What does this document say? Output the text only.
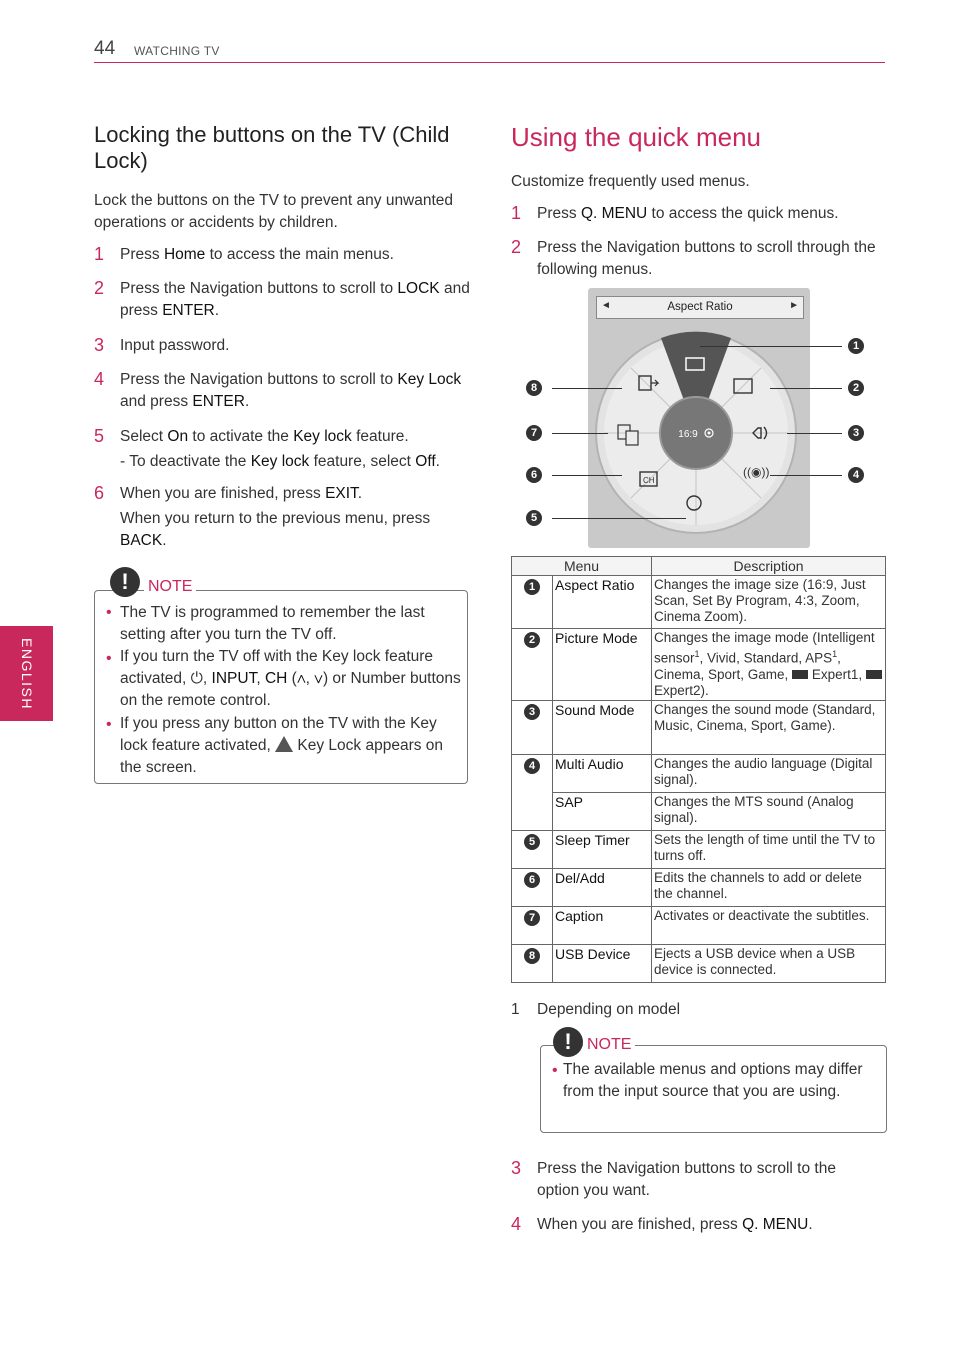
44 WATCHING TV
ENGLISH
Locking the buttons on the TV (Child Lock)
Lock the buttons on the TV to prevent any unwanted operations or accidents by children.
1 Press Home to access the main menus.
2 Press the Navigation buttons to scroll to LOCK and press ENTER.
3 Input password.
4 Press the Navigation buttons to scroll to Key Lock and press ENTER.
5 Select On to activate the Key lock feature.
- To deactivate the Key lock feature, select Off.
6 When you are finished, press EXIT.
When you return to the previous menu, press BACK.
!	NOTE
• The TV is programmed to remember the last setting after you turn the TV off.
• If you turn the TV off with the Key lock feature activated, ⏻, INPUT, CH (∧, ∨) or Number buttons on the remote control.
• If you press any button on the TV with the Key lock feature activated,  Key Lock appears on the screen.
Using the quick menu
Customize frequently used menus.
1 Press Q. MENU to access the quick menus.
2 Press the Navigation buttons to scroll through the following menus.
◄	Aspect Ratio	►
16:9
((◉))
CH
1
2
3
4
5
6
7
8
Menu		Description
1	Aspect Ratio	Changes the image size (16:9, Just Scan, Set By Program, 4:3, Zoom, Cinema Zoom).
2	Picture Mode	Changes the image mode (Intelligent sensor$^1$, Vivid, Standard, APS$^1$, Cinema, Sport, Game,  Expert1,  Expert2).
3	Sound Mode	Changes the sound mode (Standard, Music, Cinema, Sport, Game).
4	Multi Audio	Changes the audio language (Digital signal).
	SAP	Changes the MTS sound (Analog signal).
5	Sleep Timer	Sets the length of time until the TV to turns off.
6	Del/Add	Edits the channels to add or delete the channel.
7	Caption	Activates or deactivate the subtitles.
8	USB Device	Ejects a USB device when a USB device is connected.
1 Depending on model
! NOTE
• The available menus and options may differ from the input source that you are using.
3 Press the Navigation buttons to scroll to the option you want.
4 When you are finished, press Q. MENU.
